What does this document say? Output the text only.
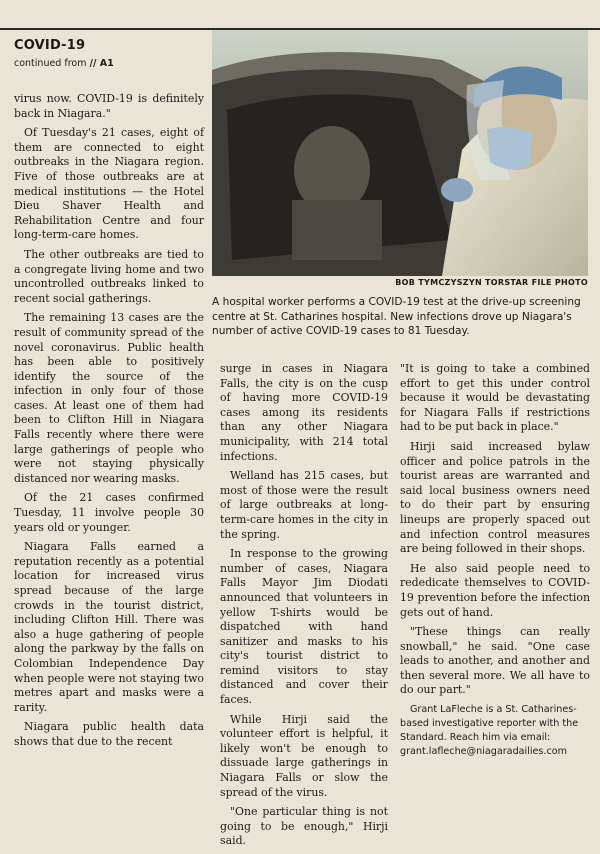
COVID-19
continued from // A1
BOB TYMCZYSZYN TORSTAR FILE PHOTO
A hospital worker performs a COVID-19 test at the drive-up screening centre at St. Catharines hospital. New infections drove up Niagara's number of active COVID-19 cases to 81 Tuesday.

virus now. COVID-19 is definitely back in Niagara."

Of Tuesday's 21 cases, eight of them are connected to eight outbreaks in the Niagara region. Five of those outbreaks are at medical institutions — the Hotel Dieu Shaver Health and Rehabilitation Centre and four long-term-care homes.

The other outbreaks are tied to a congregate living home and two uncontrolled outbreaks linked to recent social gatherings.

The remaining 13 cases are the result of community spread of the novel coronavirus. Public health has been able to positively identify the source of the infection in only four of those cases. At least one of them had been to Clifton Hill in Niagara Falls recently where there were large gatherings of people who were not staying physically distanced nor wearing masks.

Of the 21 cases confirmed Tuesday, 11 involve people 30 years old or younger.

Niagara Falls earned a reputation recently as a potential location for increased virus spread because of the large crowds in the tourist district, including Clifton Hill. There was also a huge gathering of people along the parkway by the falls on Colombian Independence Day when people were not staying two metres apart and masks were a rarity.

Niagara public health data shows that due to the recent

surge in cases in Niagara Falls, the city is on the cusp of having more COVID-19 cases among its residents than any other Niagara municipality, with 214 total infections.

Welland has 215 cases, but most of those were the result of large outbreaks at long-term-care homes in the city in the spring.

In response to the growing number of cases, Niagara Falls Mayor Jim Diodati announced that volunteers in yellow T-shirts would be dispatched with hand sanitizer and masks to his city's tourist district to remind visitors to stay distanced and cover their faces.

While Hirji said the volunteer effort is helpful, it likely won't be enough to dissuade large gatherings in Niagara Falls or slow the spread of the virus.

"One particular thing is not going to be enough," Hirji said.

"It is going to take a combined effort to get this under control because it would be devastating for Niagara Falls if restrictions had to be put back in place."

Hirji said increased bylaw officer and police patrols in the tourist areas are warranted and said local business owners need to do their part by ensuring lineups are properly spaced out and infection control measures are being followed in their shops.

He also said people need to rededicate themselves to COVID-19 prevention before the infection gets out of hand.

"These things can really snowball," he said. "One case leads to another, and another and then several more. We all have to do our part."

Grant LaFleche is a St. Catharines-based investigative reporter with the Standard. Reach him via email: grant.lafleche@niagaradailies.com
